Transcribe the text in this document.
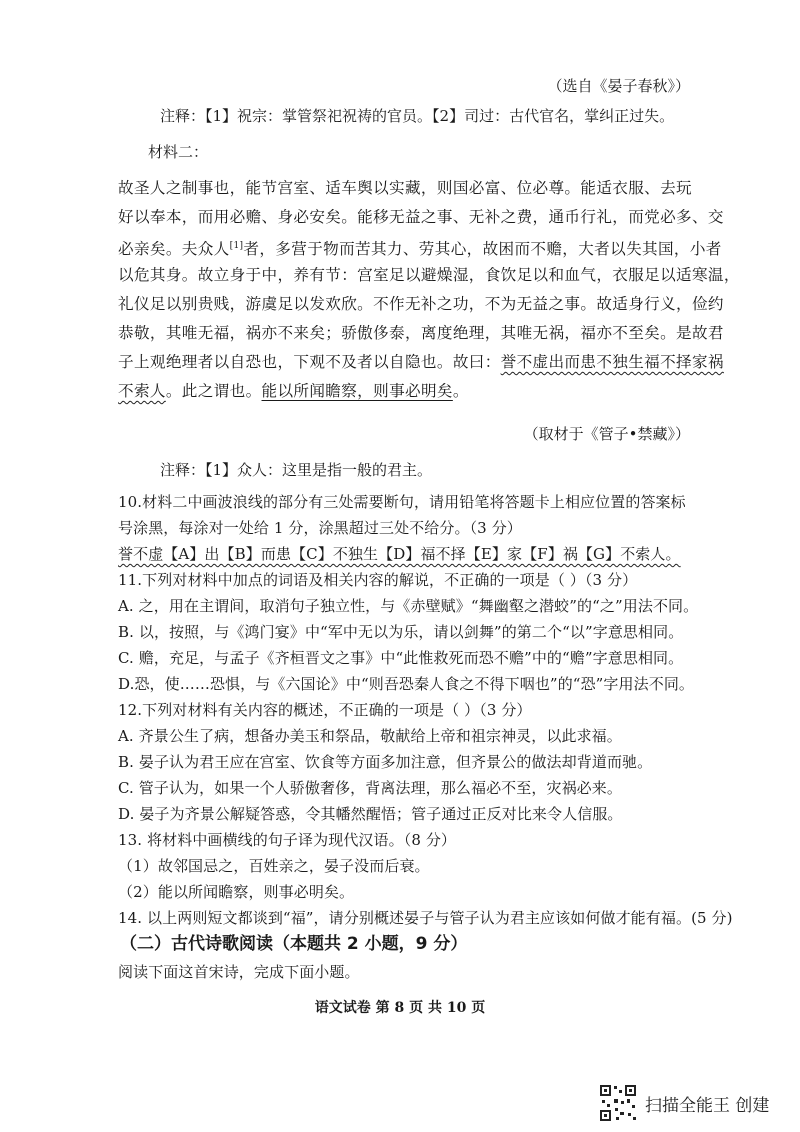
（选自《晏子春秋》）
注释：【1】祝宗：掌管祭祀祝祷的官员。【2】司过：古代官名，掌纠正过失。
材料二：
故圣人之制事也，能节宫室、适车舆以实藏，则国必富、位必尊。能适衣服、去玩
好以奉本，而用必赡、身必安矣。能移无益之事、无补之费，通币行礼，而党必多、交
必亲矣。夫众人[1]者，多营于物而苦其力、劳其心，故困而不赡，大者以失其国，小者
以危其身。故立身于中，养有节：宫室足以避燥湿，食饮足以和血气，衣服足以适寒温，
礼仪足以别贵贱，游虞足以发欢欣。不作无补之功，不为无益之事。故适身行义，俭约
恭敬，其唯无福，祸亦不来矣；骄傲侈泰，离度绝理，其唯无祸，福亦不至矣。是故君
子上观绝理者以自恐也，下观不及者以自隐也。故曰：誉不虚出而患不独生福不择家祸
不索人。此之谓也。能以所闻瞻察，则事必明矣。
（取材于《管子•禁藏》）
注释：【1】众人：这里是指一般的君主。
10.材料二中画波浪线的部分有三处需要断句，请用铅笔将答题卡上相应位置的答案标
号涂黑，每涂对一处给 1 分，涂黑超过三处不给分。（3 分）
誉不虚【A】出【B】而患【C】不独生【D】福不择【E】家【F】祸【G】不索人。
11.下列对材料中加点的词语及相关内容的解说，不正确的一项是（ ）（3 分）
A. 之，用在主谓间，取消句子独立性，与《赤壁赋》“舞幽壑之潜蛟”的“之”用法不同。
B. 以，按照，与《鸿门宴》中“军中无以为乐，请以剑舞”的第二个“以”字意思相同。
C. 赡，充足，与孟子《齐桓晋文之事》中“此惟救死而恐不赡”中的“赡”字意思相同。
D.恐，使……恐惧，与《六国论》中“则吾恐秦人食之不得下咽也”的“恐”字用法不同。
12.下列对材料有关内容的概述，不正确的一项是（ ）（3 分）
A. 齐景公生了病，想备办美玉和祭品，敬献给上帝和祖宗神灵，以此求福。
B. 晏子认为君王应在宫室、饮食等方面多加注意，但齐景公的做法却背道而驰。
C. 管子认为，如果一个人骄傲奢侈，背离法理，那么福必不至，灾祸必来。
D. 晏子为齐景公解疑答惑，令其幡然醒悟；管子通过正反对比来令人信服。
13. 将材料中画横线的句子译为现代汉语。（8 分）
（1）故邻国忌之，百姓亲之，晏子没而后衰。
（2）能以所闻瞻察，则事必明矣。
14. 以上两则短文都谈到“福”，请分别概述晏子与管子认为君主应该如何做才能有福。(5 分)
（二）古代诗歌阅读（本题共 2 小题，9 分）
阅读下面这首宋诗，完成下面小题。
语文试卷 第 8 页 共 10 页
扫描全能王 创建
